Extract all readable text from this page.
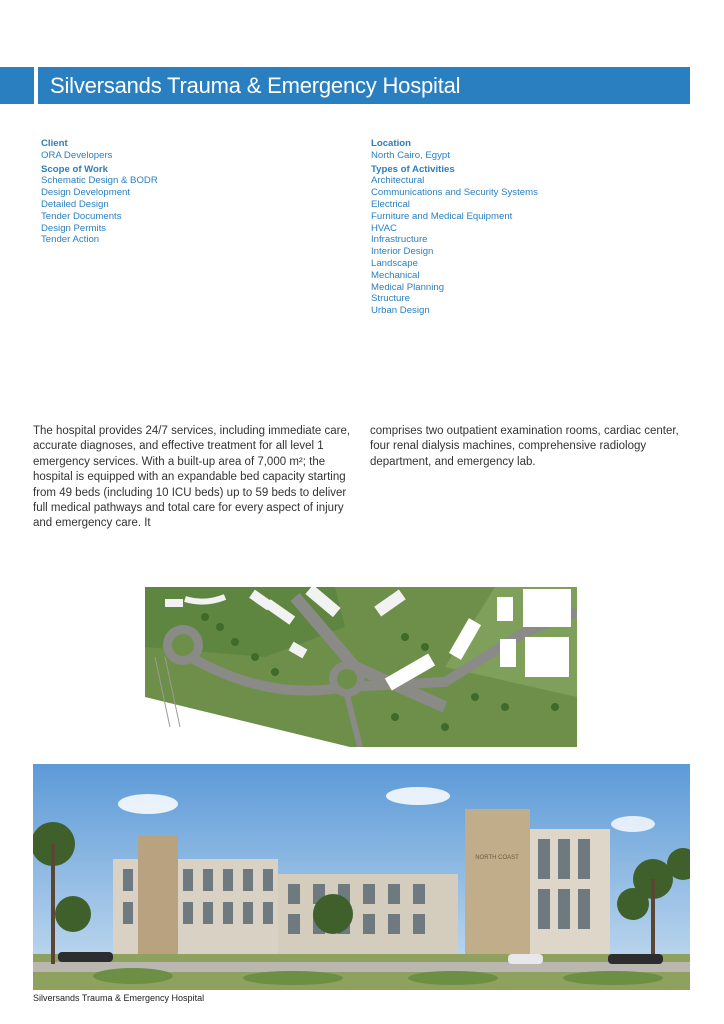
Silversands Trauma & Emergency Hospital
Client
ORA Developers
Scope of Work
Schematic Design & BODR
Design Development
Detailed Design
Tender Documents
Design Permits
Tender Action
Location
North Cairo, Egypt
Types of Activities
Architectural
Communications and Security Systems
Electrical
Furniture and Medical Equipment
HVAC
Infrastructure
Interior Design
Landscape
Mechanical
Medical Planning
Structure
Urban Design

The hospital provides 24/7 services, including immediate care, accurate diagnoses, and effective treatment for all level 1 emergency services. With a built-up area of 7,000 m²; the hospital is equipped with an expandable bed capacity starting from 49 beds (including 10 ICU beds) up to 59 beds to deliver full medical pathways and total care for every aspect of injury and emergency care. It

comprises two outpatient examination rooms, cardiac center, four renal dialysis machines, comprehensive radiology department, and emergency lab.

NORTH COAST
Silversands Trauma & Emergency Hospital
